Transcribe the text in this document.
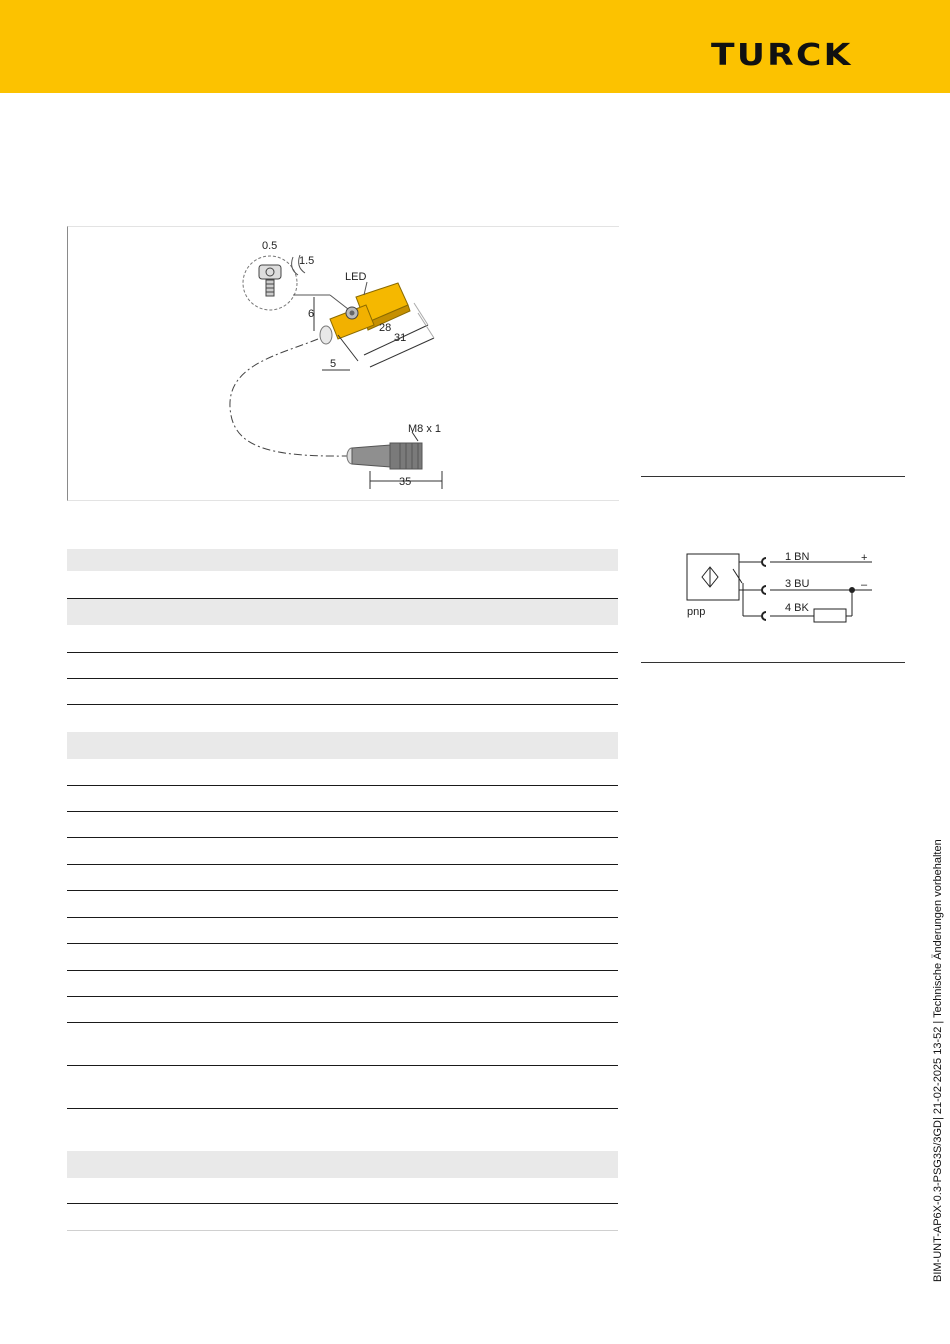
TURCK
0.5
1.5
LED
6
28
31
5
M8 x 1
35
1 BN
3 BU
4 BK
+
–
pnp
BIM-UNT-AP6X-0.3-PSG3S/3GD| 21-02-2025 13-52 | Technische Änderungen vorbehalten
